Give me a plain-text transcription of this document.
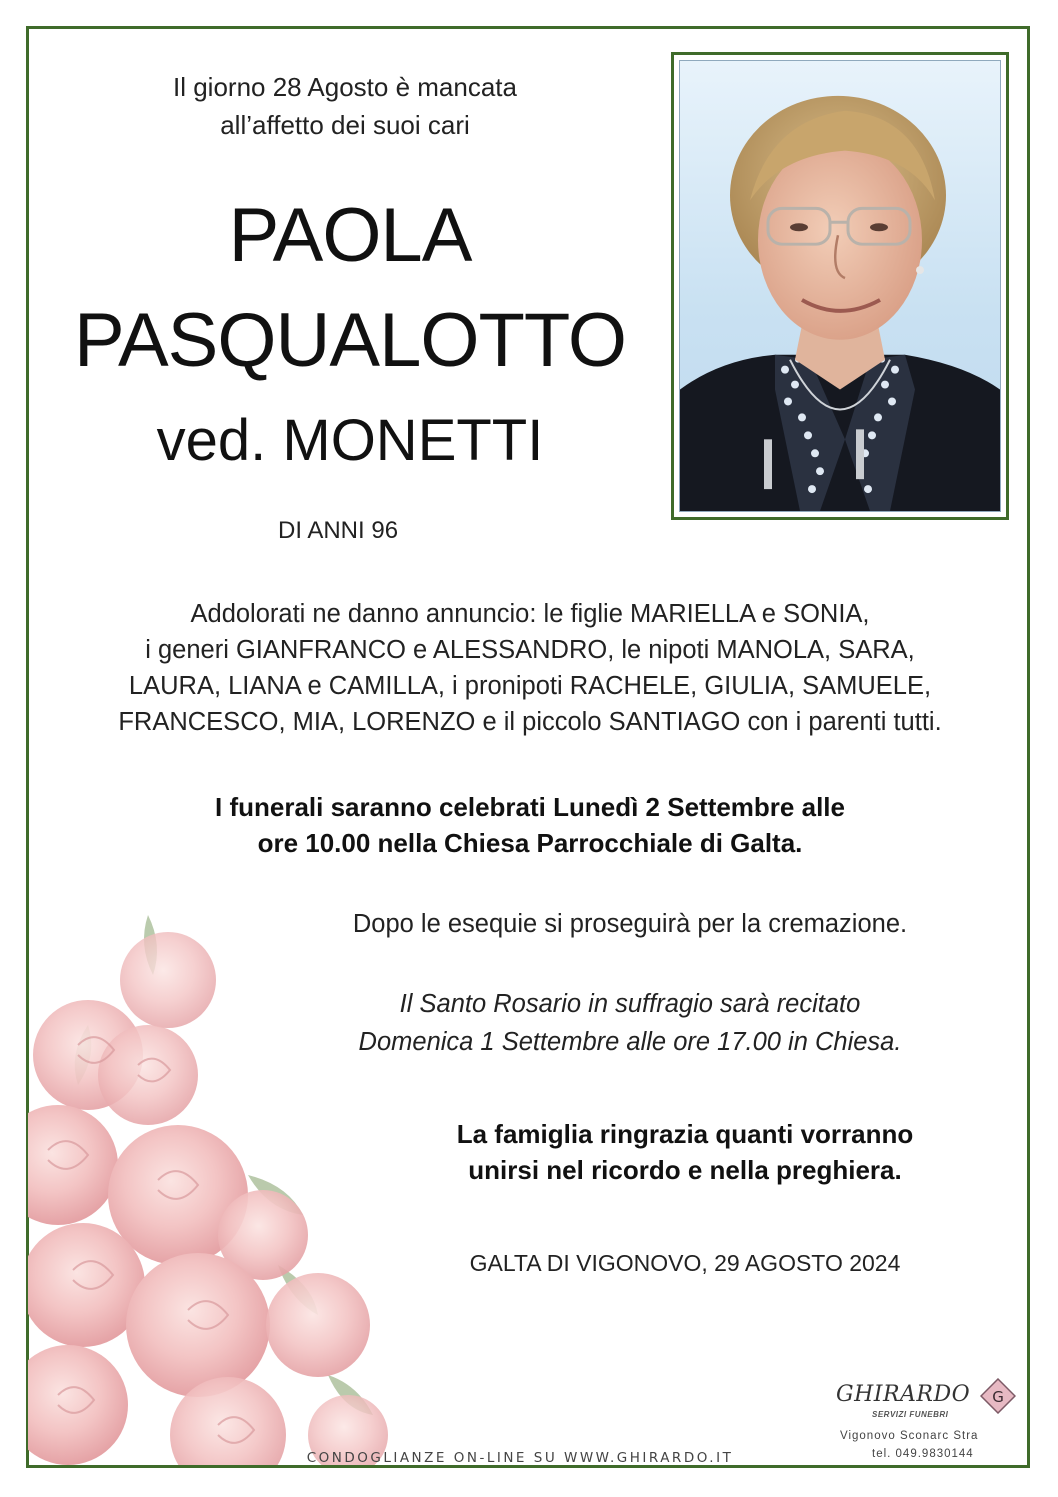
Il giorno 28 Agosto è mancata
all’affetto dei suoi cari
PAOLA
PASQUALOTTO
ved. MONETTI
DI ANNI 96
Addolorati ne danno annuncio: le figlie MARIELLA e SONIA,
i generi GIANFRANCO e ALESSANDRO, le nipoti MANOLA, SARA,
LAURA, LIANA e CAMILLA, i pronipoti RACHELE, GIULIA, SAMUELE,
FRANCESCO, MIA, LORENZO e il piccolo SANTIAGO con i parenti tutti.
I funerali saranno celebrati Lunedì 2 Settembre alle
ore 10.00 nella Chiesa Parrocchiale di Galta.
Dopo le esequie si proseguirà per la cremazione.
Il Santo Rosario in suffragio sarà recitato
Domenica 1 Settembre alle ore 17.00 in Chiesa.
La famiglia ringrazia quanti vorranno
unirsi nel ricordo e nella preghiera.
GALTA DI VIGONOVO, 29 AGOSTO 2024
CONDOGLIANZE ON-LINE SU WWW.GHIRARDO.IT
GHIRARDO
SERVIZI FUNEBRI
G
Vigonovo Sconarc Stra
tel. 049.9830144
